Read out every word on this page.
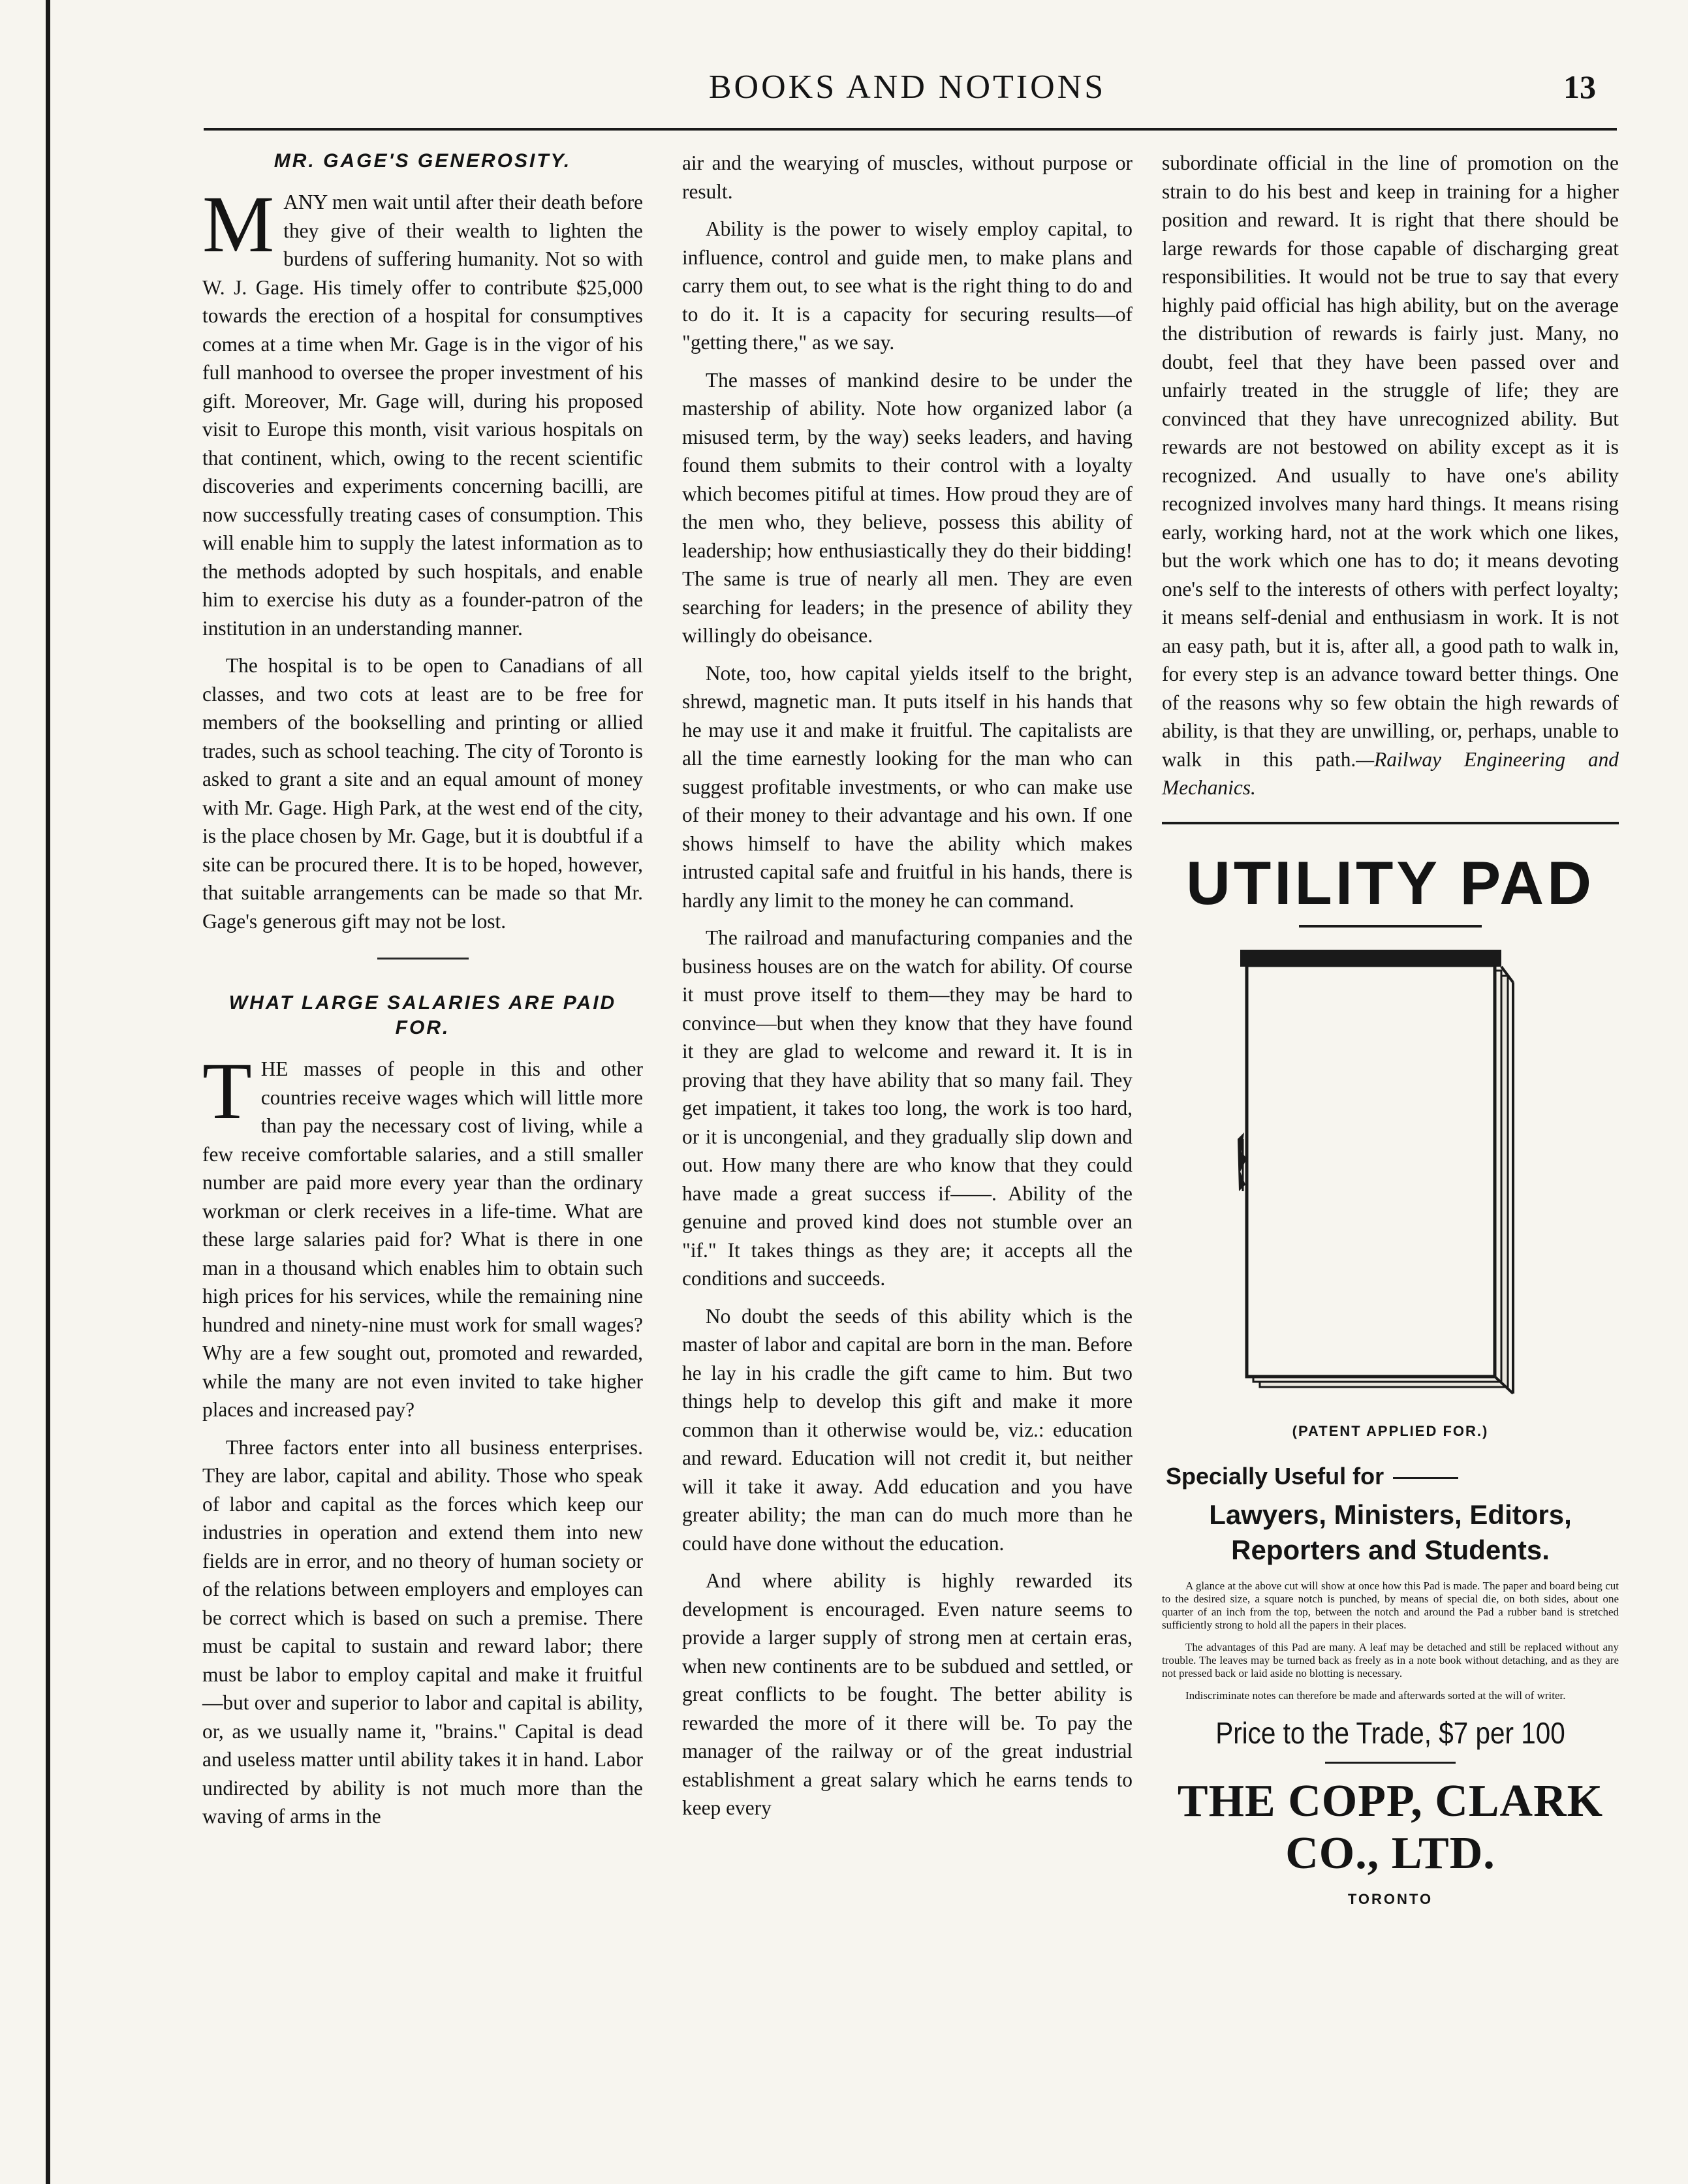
BOOKS AND NOTIONS	13
MR. GAGE'S GENEROSITY.

MANY men wait until after their death before they give of their wealth to lighten the burdens of suffering humanity. Not so with W. J. Gage. His timely offer to contribute $25,000 towards the erection of a hospital for consumptives comes at a time when Mr. Gage is in the vigor of his full manhood to oversee the proper investment of his gift. Moreover, Mr. Gage will, during his proposed visit to Europe this month, visit various hospitals on that continent, which, owing to the recent scientific discoveries and experiments concerning bacilli, are now successfully treating cases of consumption. This will enable him to supply the latest information as to the methods adopted by such hospitals, and enable him to exercise his duty as a founder-patron of the institution in an understanding manner.

The hospital is to be open to Canadians of all classes, and two cots at least are to be free for members of the bookselling and printing or allied trades, such as school teaching. The city of Toronto is asked to grant a site and an equal amount of money with Mr. Gage. High Park, at the west end of the city, is the place chosen by Mr. Gage, but it is doubtful if a site can be procured there. It is to be hoped, however, that suitable arrangements can be made so that Mr. Gage's generous gift may not be lost.

WHAT LARGE SALARIES ARE PAID FOR.

THE masses of people in this and other countries receive wages which will little more than pay the necessary cost of living, while a few receive comfortable salaries, and a still smaller number are paid more every year than the ordinary workman or clerk receives in a life-time. What are these large salaries paid for? What is there in one man in a thousand which enables him to obtain such high prices for his services, while the remaining nine hundred and ninety-nine must work for small wages? Why are a few sought out, promoted and rewarded, while the many are not even invited to take higher places and increased pay?

Three factors enter into all business enterprises. They are labor, capital and ability. Those who speak of labor and capital as the forces which keep our industries in operation and extend them into new fields are in error, and no theory of human society or of the relations between employers and employes can be correct which is based on such a premise. There must be capital to sustain and reward labor; there must be labor to employ capital and make it fruitful—but over and superior to labor and capital is ability, or, as we usually name it, "brains." Capital is dead and useless matter until ability takes it in hand. Labor undirected by ability is not much more than the waving of arms in the

air and the wearying of muscles, without purpose or result.

Ability is the power to wisely employ capital, to influence, control and guide men, to make plans and carry them out, to see what is the right thing to do and to do it. It is a capacity for securing results—of "getting there," as we say.

The masses of mankind desire to be under the mastership of ability. Note how organized labor (a misused term, by the way) seeks leaders, and having found them submits to their control with a loyalty which becomes pitiful at times. How proud they are of the men who, they believe, possess this ability of leadership; how enthusiastically they do their bidding! The same is true of nearly all men. They are even searching for leaders; in the presence of ability they willingly do obeisance.

Note, too, how capital yields itself to the bright, shrewd, magnetic man. It puts itself in his hands that he may use it and make it fruitful. The capitalists are all the time earnestly looking for the man who can suggest profitable investments, or who can make use of their money to their advantage and his own. If one shows himself to have the ability which makes intrusted capital safe and fruitful in his hands, there is hardly any limit to the money he can command.

The railroad and manufacturing companies and the business houses are on the watch for ability. Of course it must prove itself to them—they may be hard to convince—but when they know that they have found it they are glad to welcome and reward it. It is in proving that they have ability that so many fail. They get impatient, it takes too long, the work is too hard, or it is uncongenial, and they gradually slip down and out. How many there are who know that they could have made a great success if——. Ability of the genuine and proved kind does not stumble over an "if." It takes things as they are; it accepts all the conditions and succeeds.

No doubt the seeds of this ability which is the master of labor and capital are born in the man. Before he lay in his cradle the gift came to him. But two things help to develop this gift and make it more common than it otherwise would be, viz.: education and reward. Education will not credit it, but neither will it take it away. Add education and you have greater ability; the man can do much more than he could have done without the education.

And where ability is highly rewarded its development is encouraged. Even nature seems to provide a larger supply of strong men at certain eras, when new continents are to be subdued and settled, or great conflicts to be fought. The better ability is rewarded the more of it there will be. To pay the manager of the railway or of the great industrial establishment a great salary which he earns tends to keep every

subordinate official in the line of promotion on the strain to do his best and keep in training for a higher position and reward. It is right that there should be large rewards for those capable of discharging great responsibilities. It would not be true to say that every highly paid official has high ability, but on the average the distribution of rewards is fairly just. Many, no doubt, feel that they have been passed over and unfairly treated in the struggle of life; they are convinced that they have unrecognized ability. But rewards are not bestowed on ability except as it is recognized. And usually to have one's ability recognized involves many hard things. It means rising early, working hard, not at the work which one likes, but the work which one has to do; it means devoting one's self to the interests of others with perfect loyalty; it means self-denial and enthusiasm in work. It is not an easy path, but it is, after all, a good path to walk in, for every step is an advance toward better things. One of the reasons why so few obtain the high rewards of ability, is that they are unwilling, or, perhaps, unable to walk in this path.—Railway Engineering and Mechanics.

UTILITY PAD
(PATENT APPLIED FOR.)
Specially Useful for
Lawyers, Ministers, Editors,
Reporters and Students.

A glance at the above cut will show at once how this Pad is made. The paper and board being cut to the desired size, a square notch is punched, by means of special die, on both sides, about one quarter of an inch from the top, between the notch and around the Pad a rubber band is stretched sufficiently strong to hold all the papers in their places.

The advantages of this Pad are many. A leaf may be detached and still be replaced without any trouble. The leaves may be turned back as freely as in a note book without detaching, and as they are not pressed back or laid aside no blotting is necessary.

Indiscriminate notes can therefore be made and afterwards sorted at the will of writer.

Price to the Trade, $7 per 100
THE COPP, CLARK CO., LTD.
TORONTO
